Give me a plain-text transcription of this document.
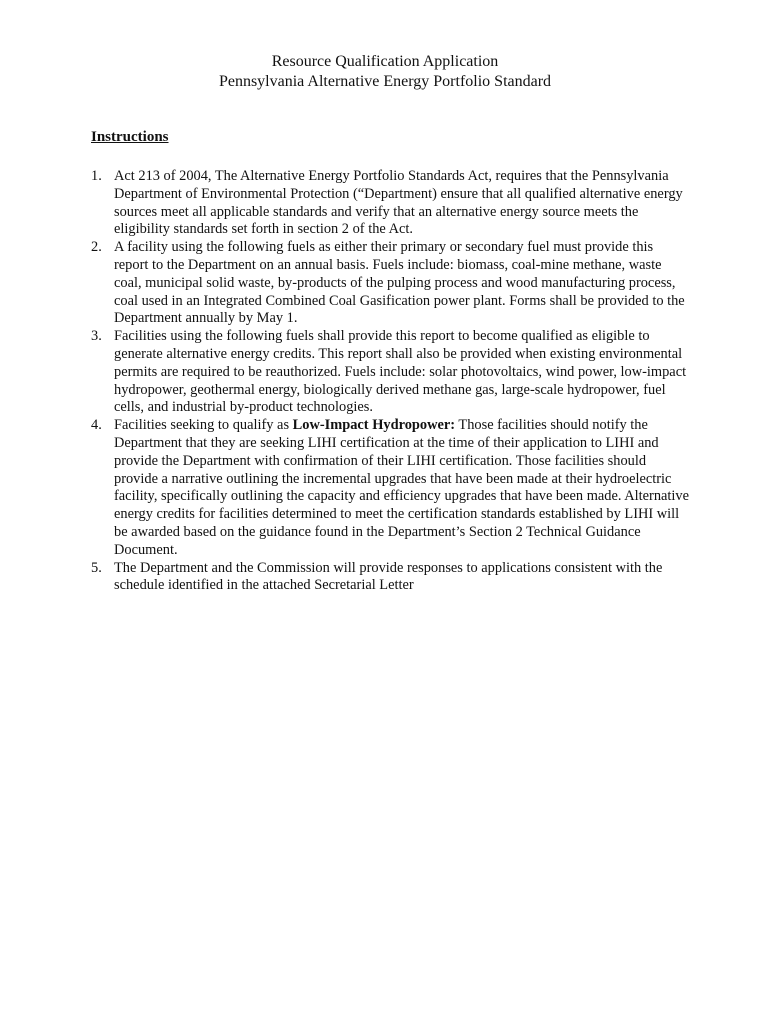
Resource Qualification Application
Pennsylvania Alternative Energy Portfolio Standard
Instructions
1. Act 213 of 2004, The Alternative Energy Portfolio Standards Act, requires that the Pennsylvania Department of Environmental Protection (“Department) ensure that all qualified alternative energy sources meet all applicable standards and verify that an alternative energy source meets the eligibility standards set forth in section 2 of the Act.
2. A facility using the following fuels as either their primary or secondary fuel must provide this report to the Department on an annual basis. Fuels include: biomass, coal-mine methane, waste coal, municipal solid waste, by-products of the pulping process and wood manufacturing process, coal used in an Integrated Combined Coal Gasification power plant. Forms shall be provided to the Department annually by May 1.
3. Facilities using the following fuels shall provide this report to become qualified as eligible to generate alternative energy credits. This report shall also be provided when existing environmental permits are required to be reauthorized. Fuels include: solar photovoltaics, wind power, low-impact hydropower, geothermal energy, biologically derived methane gas, large-scale hydropower, fuel cells, and industrial by-product technologies.
4. Facilities seeking to qualify as Low-Impact Hydropower: Those facilities should notify the Department that they are seeking LIHI certification at the time of their application to LIHI and provide the Department with confirmation of their LIHI certification. Those facilities should provide a narrative outlining the incremental upgrades that have been made at their hydroelectric facility, specifically outlining the capacity and efficiency upgrades that have been made. Alternative energy credits for facilities determined to meet the certification standards established by LIHI will be awarded based on the guidance found in the Department’s Section 2 Technical Guidance Document.
5. The Department and the Commission will provide responses to applications consistent with the schedule identified in the attached Secretarial Letter
